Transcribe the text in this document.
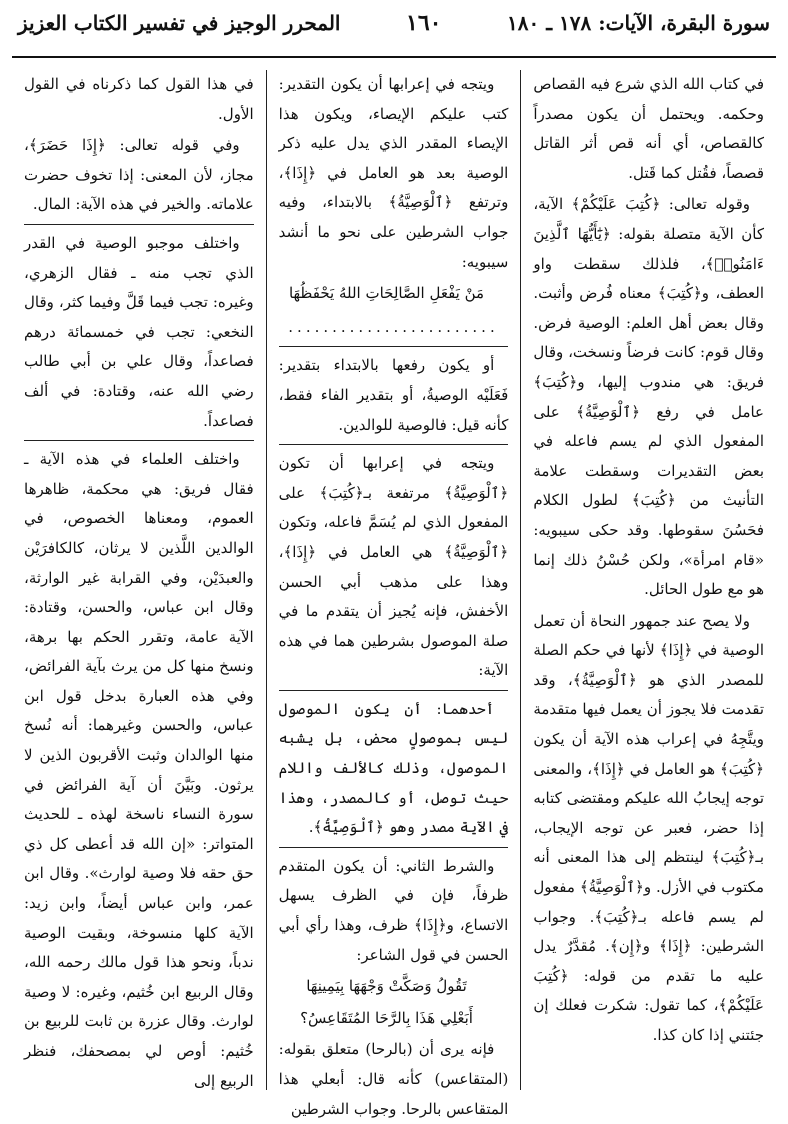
سورة البقرة، الآيات: ١٧٨ ـ ١٨٠
١٦٠
المحرر الوجيز في تفسير الكتاب العزيز

في كتاب الله الذي شرع فيه القصاص وحكمه. ويحتمل أن يكون مصدراً كالقصاص، أي أنه قص أثر القاتل قصصاً، فقُتل كما قَتل.

وقوله تعالى: ﴿كُتِبَ عَلَيْكُمْ﴾ الآية، كأن الآية متصلة بقوله: ﴿يَٰٓأَيُّهَا ٱلَّذِينَ ءَامَنُوا۟﴾، فلذلك سقطت واو العطف، و﴿كُتِبَ﴾ معناه فُرض وأثبت. وقال بعض أهل العلم: الوصية فرض. وقال قوم: كانت فرضاً ونسخت، وقال فريق: هي مندوب إليها، و﴿كُتِبَ﴾ عامل في رفع ﴿ٱلْوَصِيَّةُ﴾ على المفعول الذي لم يسم فاعله في بعض التقديرات وسقطت علامة التأنيث من ﴿كُتِبَ﴾ لطول الكلام فحَسُنَ سقوطها. وقد حكى سيبويه: «قام امرأة»، ولكن حُسْنُ ذلك إنما هو مع طول الحائل.

ولا يصح عند جمهور النحاة أن تعمل الوصية في ﴿إِذَا﴾ لأنها في حكم الصلة للمصدر الذي هو ﴿ٱلْوَصِيَّةُ﴾، وقد تقدمت فلا يجوز أن يعمل فيها متقدمة ويتَّجِهُ في إعراب هذه الآية أن يكون ﴿كُتِبَ﴾ هو العامل في ﴿إِذَا﴾، والمعنى توجه إيجابُ الله عليكم ومقتضى كتابه إذا حضر، فعبر عن توجه الإيجاب، بـ﴿كُتِبَ﴾ لينتظم إلى هذا المعنى أنه مكتوب في الأزل. و﴿ٱلْوَصِيَّةُ﴾ مفعول لم يسم فاعله بـ﴿كُتِبَ﴾. وجواب الشرطين: ﴿إِذَا﴾ و﴿إِن﴾. مُقدَّرٌ يدل عليه ما تقدم من قوله: ﴿كُتِبَ عَلَيْكُمْ﴾، كما تقول: شكرت فعلك إن جئتني إذا كان كذا.

ويتجه في إعرابها أن يكون التقدير: كتب عليكم الإيصاء، ويكون هذا الإيصاء المقدر الذي يدل عليه ذكر الوصية بعد هو العامل في ﴿إِذَا﴾، وترتفع ﴿ٱلْوَصِيَّةُ﴾ بالابتداء، وفيه جواب الشرطين على نحو ما أنشد سيبويه:

مَنْ يَفْعَلِ الصَّالِحَاتِ اللهُ يَحْفَظُهَا

........................

أو يكون رفعها بالابتداء بتقدير: فَعَلَيْه الوصيةُ، أو بتقدير الفاء فقط، كأنه قيل: فالوصية للوالدين.

ويتجه في إعرابها أن تكون ﴿ٱلْوَصِيَّةُ﴾ مرتفعة بـ﴿كُتِبَ﴾ على المفعول الذي لم يُسَمَّ فاعله، وتكون ﴿ٱلْوَصِيَّةُ﴾ هي العامل في ﴿إِذَا﴾، وهذا على مذهب أبي الحسن الأخفش، فإنه يُجيز أن يتقدم ما في صلة الموصول بشرطين هما في هذه الآية:

أحدهما: أن يكون الموصول ليس بموصولٍ محض، بل يشبه الموصول، وذلك كالألف واللام حيث توصل، أو كالمصدر، وهذا في الآية مصدر وهو ﴿ٱلْوَصِيَّةُ﴾.

والشرط الثاني: أن يكون المتقدم ظرفاً، فإن في الظرف يسهل الاتساع، و﴿إِذَا﴾ ظرف، وهذا رأي أبي الحسن في قول الشاعر:

تَقُولُ وَصَكَّتْ وَجْهَهَا بِيَمِينِهَا

أَبَعْلِي هَذَا بِالرَّحَا المُتَقَاعِسُ؟

فإنه يرى أن (بالرحا) متعلق بقوله: (المتقاعس) كأنه قال: أبعلي هذا المتقاعس بالرحا. وجواب الشرطين

في هذا القول كما ذكرناه في القول الأول.

وفي قوله تعالى: ﴿إِذَا حَضَرَ﴾، مجاز، لأن المعنى: إذا تخوف حضرت علاماته. والخير في هذه الآية: المال.

واختلف موجبو الوصية في القدر الذي تجب منه ـ فقال الزهري، وغيره: تجب فيما قَلَّ وفيما كثر، وقال النخعي: تجب في خمسمائة درهم فصاعداً، وقال علي بن أبي طالب رضي الله عنه، وقتادة: في ألف فصاعداً.

واختلف العلماء في هذه الآية ـ فقال فريق: هي محكمة، ظاهرها العموم، ومعناها الخصوص، في الوالدين اللَّذين لا يرثان، كالكافرَيْن والعبدَيْن، وفي القرابة غير الوارثة، وقال ابن عباس، والحسن، وقتادة: الآية عامة، وتقرر الحكم بها برهة، ونسخ منها كل من يرث بآية الفرائض، وفي هذه العبارة بدخل قول ابن عباس، والحسن وغيرهما: أنه نُسخ منها الوالدان وثبت الأقربون الذين لا يرثون. وبَيَّنَ أن آية الفرائض في سورة النساء ناسخة لهذه ـ للحديث المتواتر: «إن الله قد أعطى كل ذي حق حقه فلا وصية لوارث». وقال ابن عمر، وابن عباس أيضاً، وابن زيد: الآية كلها منسوخة، وبقيت الوصية ندباً، ونحو هذا قول مالك رحمه الله، وقال الربيع ابن خُثيم، وغيره: لا وصية لوارث. وقال عزرة بن ثابت للربيع بن خُثيم: أوص لي بمصحفك، فنظر الربيع إلى
